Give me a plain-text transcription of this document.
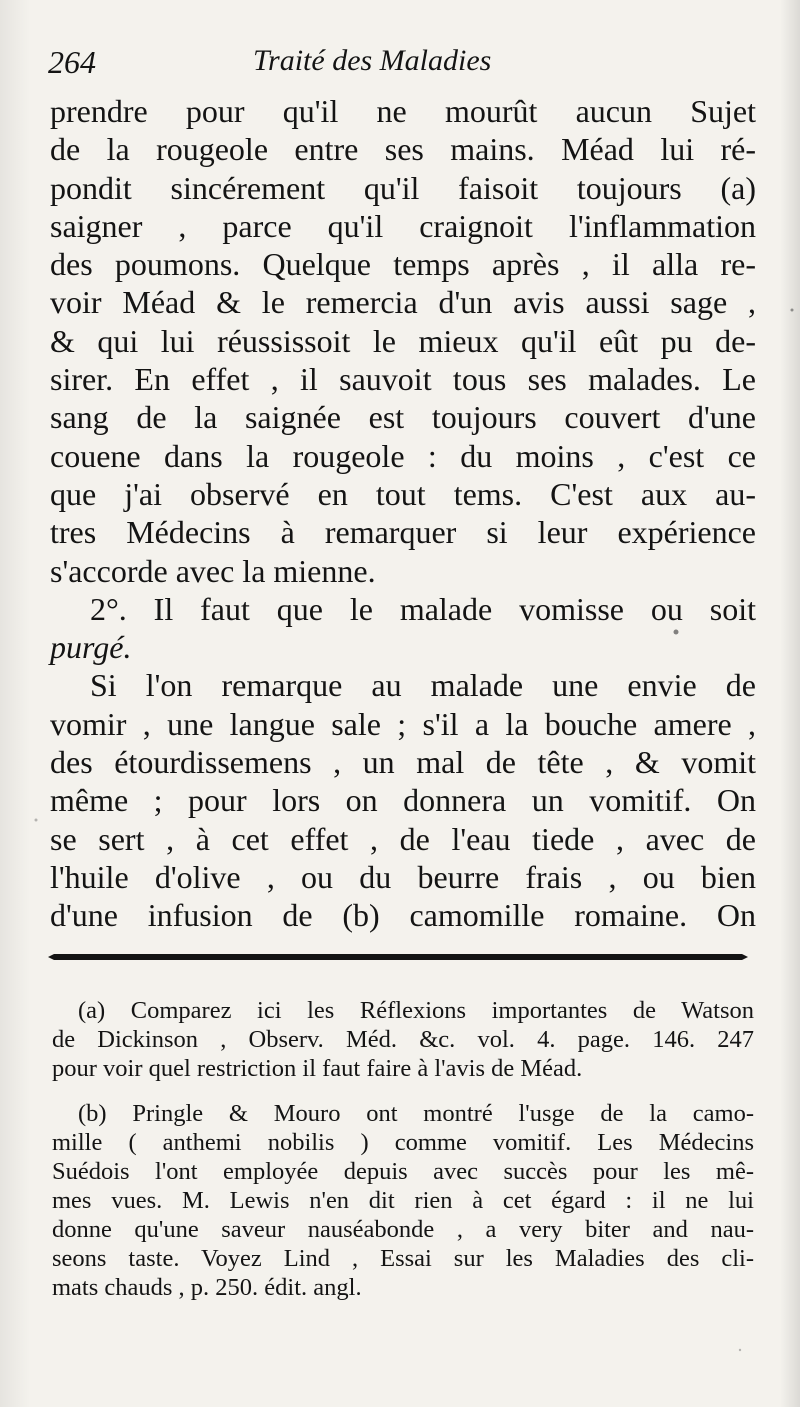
264	Traité des Maladies
prendre pour qu'il ne mourût aucun Sujet
de la rougeole entre ses mains. Méad lui ré-
pondit sincérement qu'il faisoit toujours (a)
saigner , parce qu'il craignoit l'inflammation
des poumons. Quelque temps après , il alla re-
voir Méad & le remercia d'un avis aussi sage ,
& qui lui réussissoit le mieux qu'il eût pu de-
sirer. En effet , il sauvoit tous ses malades. Le
sang de la saignée est toujours couvert d'une
couene dans la rougeole : du moins , c'est ce
que j'ai observé en tout tems. C'est aux au-
tres Médecins à remarquer si leur expérience
s'accorde avec la mienne.
2°. Il faut que le malade vomisse ou soit
purgé.
Si l'on remarque au malade une envie de
vomir , une langue sale ; s'il a la bouche amere ,
des étourdissemens , un mal de tête , & vomit
même ; pour lors on donnera un vomitif. On
se sert , à cet effet , de l'eau tiede , avec de
l'huile d'olive , ou du beurre frais , ou bien
d'une infusion de (b) camomille romaine. On
(a) Comparez ici les Réflexions importantes de Watson
de Dickinson , Observ. Méd. &c. vol. 4. page. 146. 247
pour voir quel restriction il faut faire à l'avis de Méad.
(b) Pringle & Mouro ont montré l'usge de la camo-
mille ( anthemi nobilis ) comme vomitif. Les Médecins
Suédois l'ont employée depuis avec succès pour les mê-
mes vues. M. Lewis n'en dit rien à cet égard : il ne lui
donne qu'une saveur nauséabonde , a very biter and nau-
seons taste. Voyez Lind , Essai sur les Maladies des cli-
mats chauds , p. 250. édit. angl.
